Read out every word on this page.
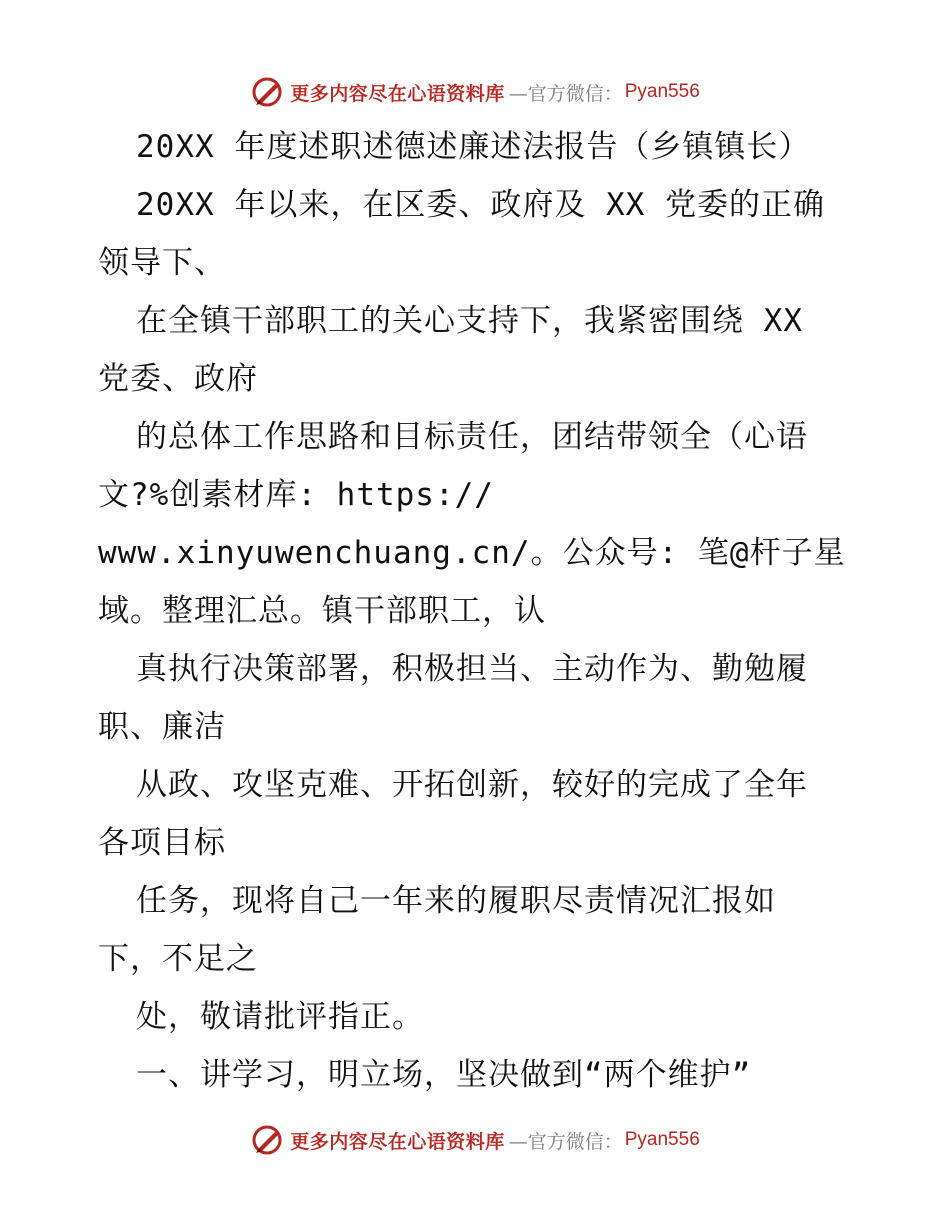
更多内容尽在心语资料库 —官方微信： Pyan556
20XX 年度述职述德述廉述法报告（乡镇镇长）
20XX 年以来，在区委、政府及 XX 党委的正确
领导下、
在全镇干部职工的关心支持下，我紧密围绕 XX
党委、政府
的总体工作思路和目标责任，团结带领全（心语
文?%创素材库: https://
www.xinyuwenchuang.cn/。公众号: 笔@杆子星
域。整理汇总。镇干部职工，认
真执行决策部署，积极担当、主动作为、勤勉履
职、廉洁
从政、攻坚克难、开拓创新，较好的完成了全年
各项目标
任务，现将自己一年来的履职尽责情况汇报如
下，不足之
处，敬请批评指正。
一、讲学习，明立场，坚决做到“两个维护”
更多内容尽在心语资料库 —官方微信： Pyan556
